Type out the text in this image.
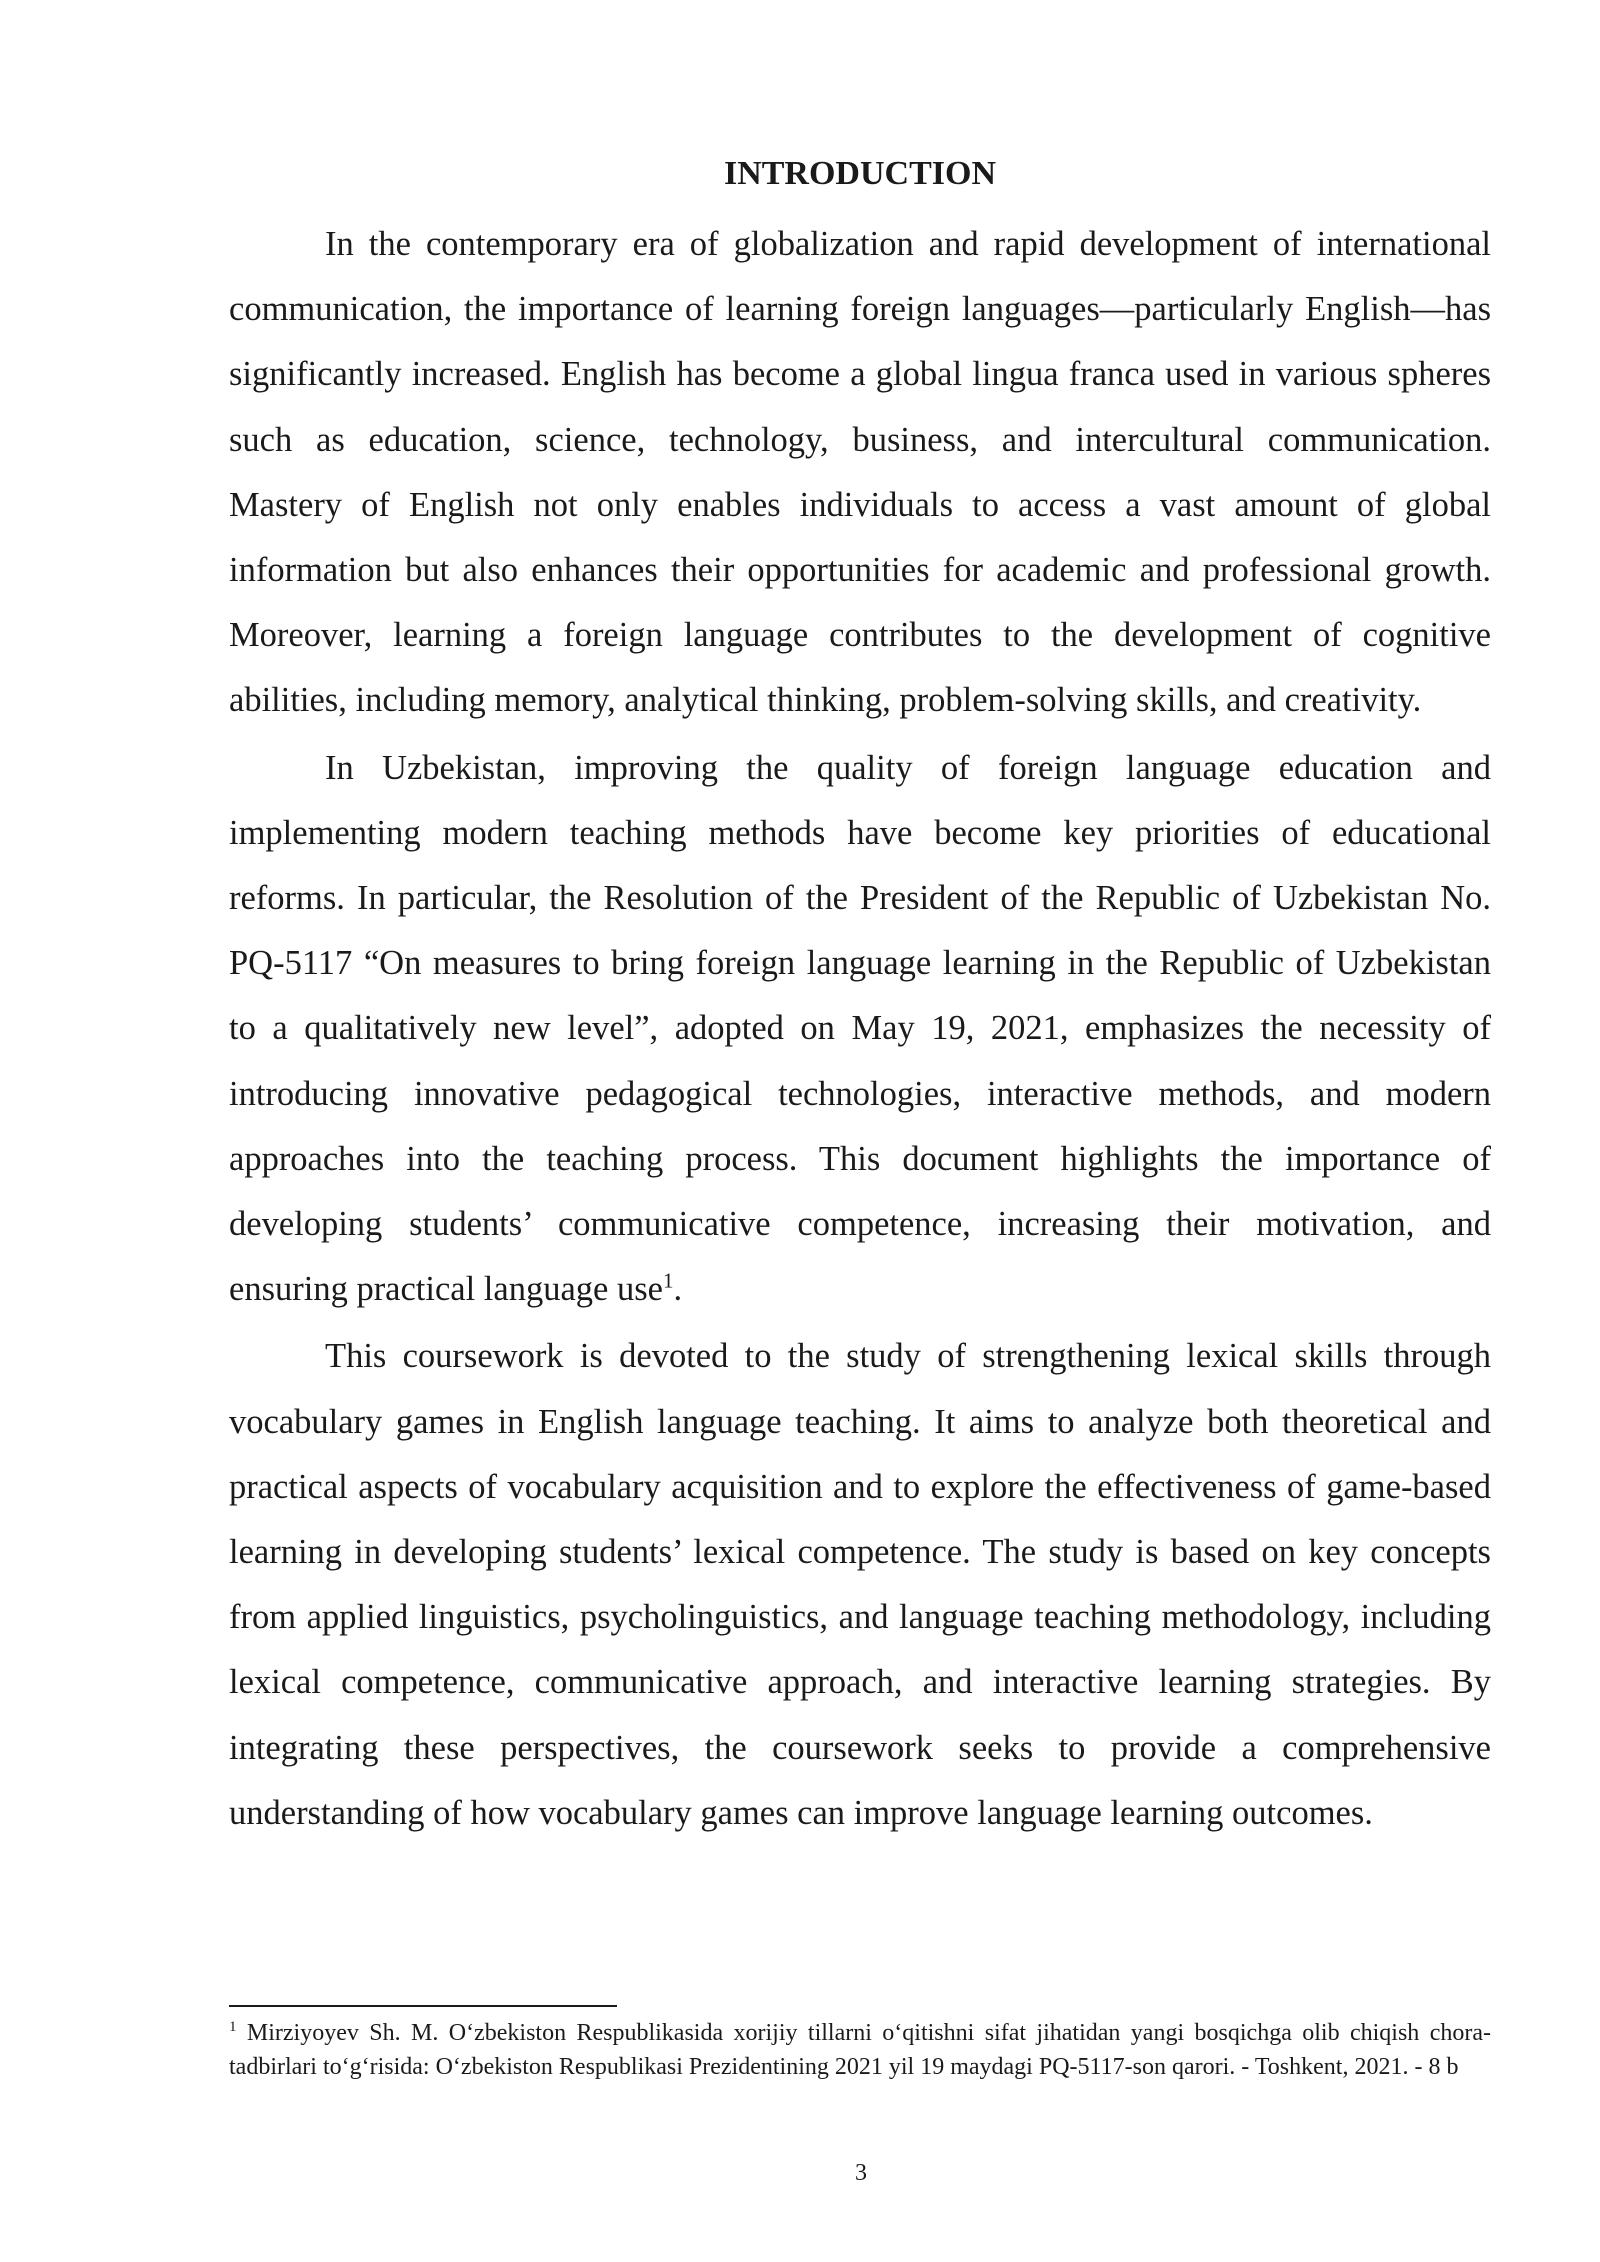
INTRODUCTION

In the contemporary era of globalization and rapid development of international communication, the importance of learning foreign languages—particularly English—has significantly increased. English has become a global lingua franca used in various spheres such as education, science, technology, business, and intercultural communication. Mastery of English not only enables individuals to access a vast amount of global information but also enhances their opportunities for academic and professional growth. Moreover, learning a foreign language contributes to the development of cognitive abilities, including memory, analytical thinking, problem-solving skills, and creativity.

In Uzbekistan, improving the quality of foreign language education and implementing modern teaching methods have become key priorities of educational reforms. In particular, the Resolution of the President of the Republic of Uzbekistan No. PQ-5117 “On measures to bring foreign language learning in the Republic of Uzbekistan to a qualitatively new level”, adopted on May 19, 2021, emphasizes the necessity of introducing innovative pedagogical technologies, interactive methods, and modern approaches into the teaching process. This document highlights the importance of developing students’ communicative competence, increasing their motivation, and ensuring practical language use$^1$.

This coursework is devoted to the study of strengthening lexical skills through vocabulary games in English language teaching. It aims to analyze both theoretical and practical aspects of vocabulary acquisition and to explore the effectiveness of game-based learning in developing students’ lexical competence. The study is based on key concepts from applied linguistics, psycholinguistics, and language teaching methodology, including lexical competence, communicative approach, and interactive learning strategies. By integrating these perspectives, the coursework seeks to provide a comprehensive understanding of how vocabulary games can improve language learning outcomes.

$^1$ Mirziyoyev Sh. M. O‘zbekiston Respublikasida xorijiy tillarni o‘qitishni sifat jihatidan yangi bosqichga olib chiqish chora-tadbirlari to‘g‘risida: O‘zbekiston Respublikasi Prezidentining 2021 yil 19 maydagi PQ-5117-son qarori. - Toshkent, 2021. - 8 b

3
